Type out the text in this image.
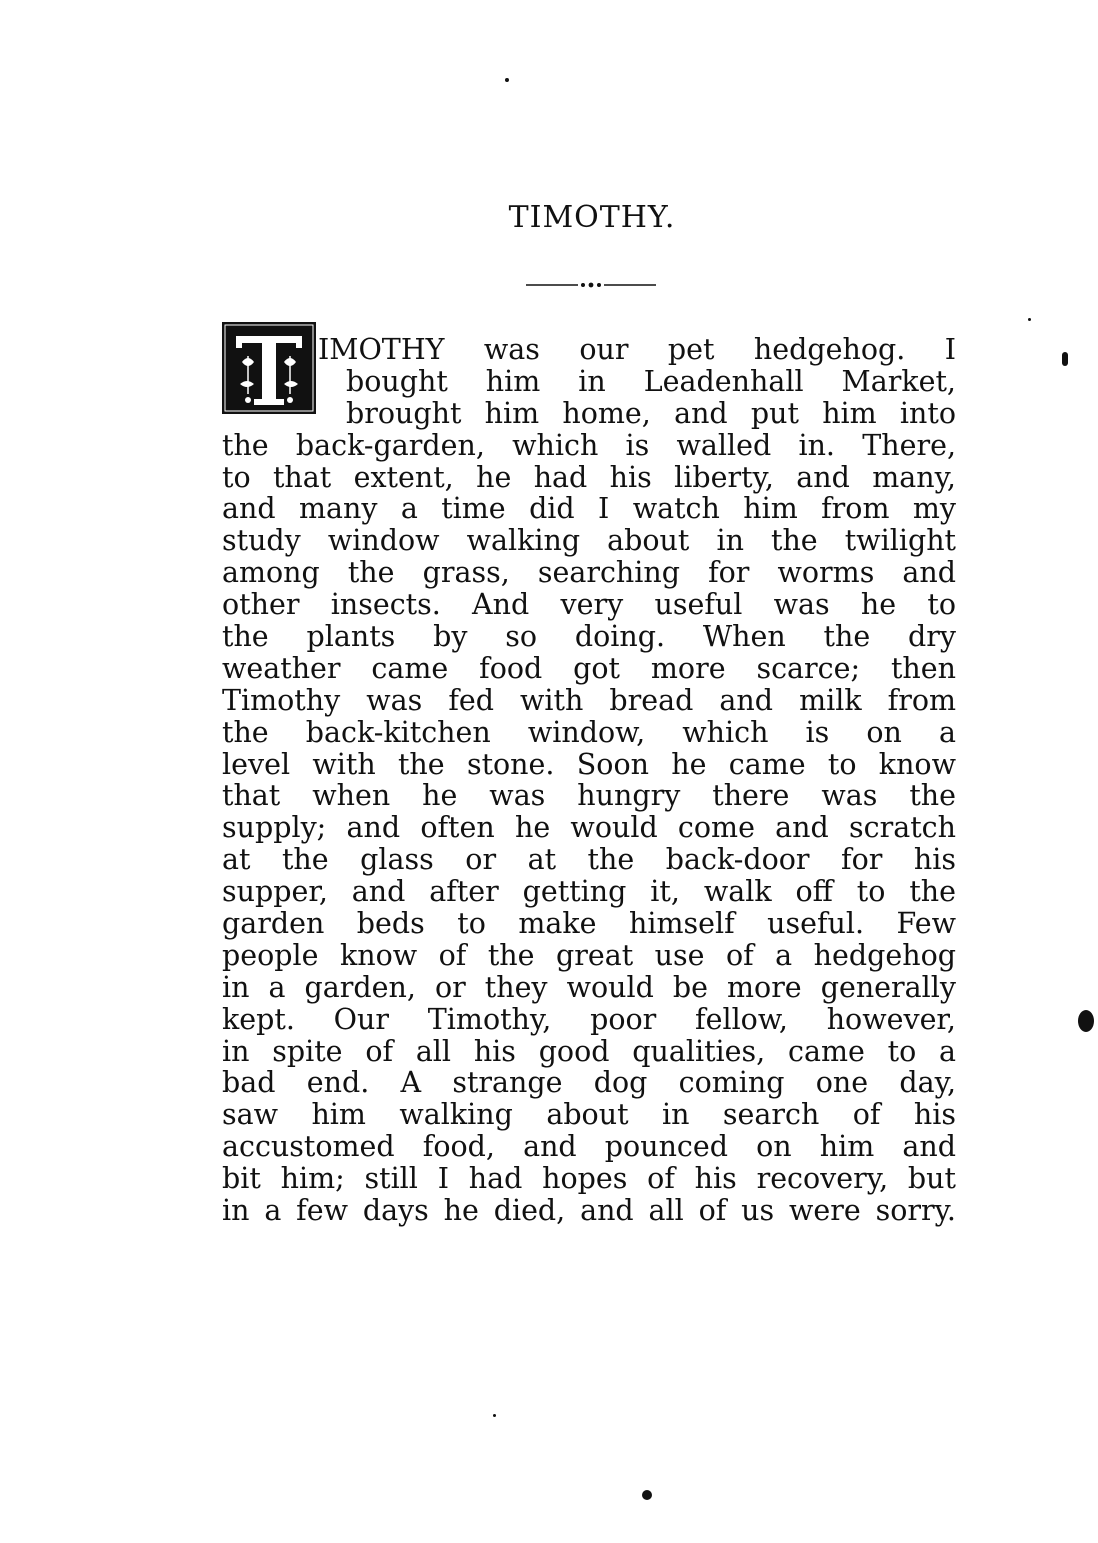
TIMOTHY.
IMOTHY was our pet hedgehog. I
bought him in Leadenhall Market,
brought him home, and put him into
the back-garden, which is walled in. There,
to that extent, he had his liberty, and many,
and many a time did I watch him from my
study window walking about in the twilight
among the grass, searching for worms and
other insects. And very useful was he to
the plants by so doing. When the dry
weather came food got more scarce; then
Timothy was fed with bread and milk from
the back-kitchen window, which is on a
level with the stone. Soon he came to know
that when he was hungry there was the
supply; and often he would come and scratch
at the glass or at the back-door for his
supper, and after getting it, walk off to the
garden beds to make himself useful. Few
people know of the great use of a hedgehog
in a garden, or they would be more generally
kept. Our Timothy, poor fellow, however,
in spite of all his good qualities, came to a
bad end. A strange dog coming one day,
saw him walking about in search of his
accustomed food, and pounced on him and
bit him; still I had hopes of his recovery, but
in a few days he died, and all of us were sorry.
